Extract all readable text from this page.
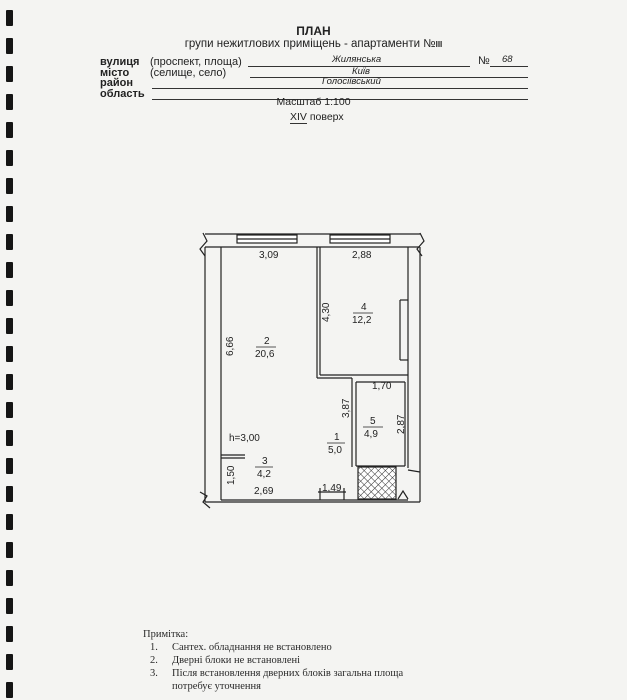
ПЛАН
групи нежитлових приміщень - апартаменти №III
вулиця (проспект, площа)	Жилянська	№ 68
місто (селище, село)	Київ
район	Голосіївський
область
Масштаб 1:100
XIV поверх
3,09	2,88
6,66
4,30
1,70
3,87
2,87
h=3,00
1,50
2,69	1,49
2
20,6
4
12,2
5
4,9
1
5,0
3
4,2
Примітка:
1. Сантех. обладнання не встановлено
2. Дверні блоки не встановлені
3. Після встановлення дверних блоків загальна площа
потребує уточнення
